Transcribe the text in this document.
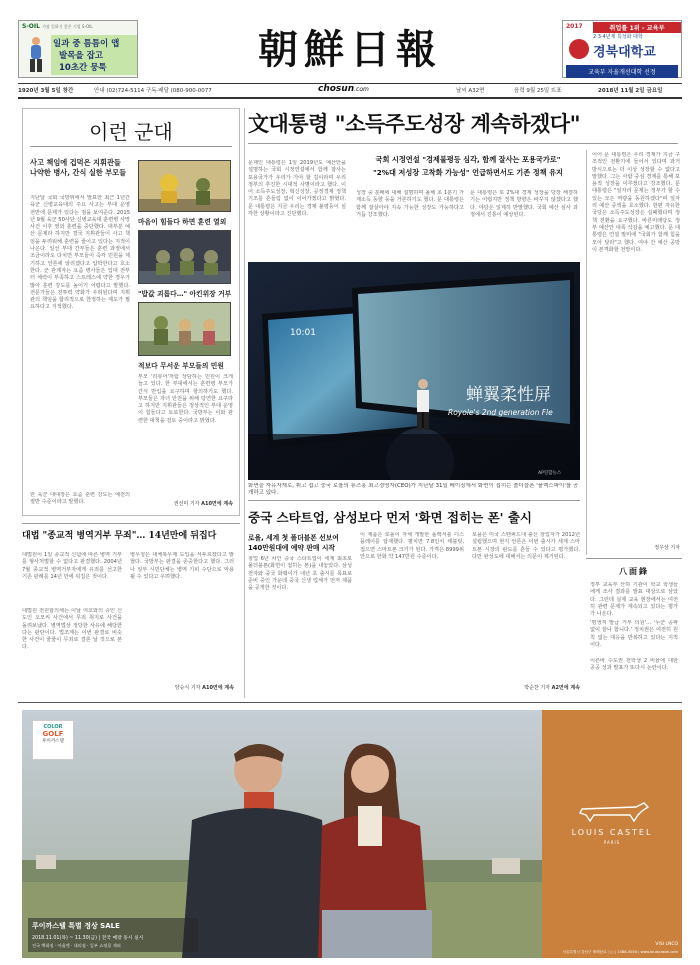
S-OIL 가장 일하기 좋은 기업 S-OIL
일과 중 틈틈이 앱
발목을 잡고
10초간 뭉툭	朝鮮日報	취업률 1위 - 교육부
2017
2·3·4년제 특성화 대학
경북대학교
교육부 자율개선대학 선정
1920년 3월 5일 창간	안내 (02)724-5114 구독·배달 (080-900-0077	chosun.com	날씨 A32면	음력 9월 25일 뜨표	2018년 11월 2일 금요일
이런 군대
사고 책임에 겁먹은 지휘관들 나약한 병사, 간식 실한 부모들
지난달 국회 국방위에서 발표한 최근 1년간 육군 신병교육대의 주요 사고는 부대 운영 전반에 문제가 있다는 점을 보여준다. 2015년 9월 육군 50사단 신병교육대 훈련병 사망 사건 이후 영외 훈련을 중단했다. 대부분 예산 문제라 하지만 결국 지휘관들이 사고 책임을 두려워해 훈련을 줄이고 있다는 지적이 나온다. 일선 부대 간부들은 훈련 과정에서 조금이라도 다치면 부모들이 즉각 민원을 제기하고 언론에 알리겠다고 압박한다고 호소한다. 군 관계자는 요즘 병사들은 입대 전부터 체력이 부족하고 스트레스에 약한 경우가 많아 훈련 강도를 높이기 어렵다고 말했다. 전문가들은 전투력 약화가 우려된다며 지휘관의 책임을 합리적으로 한정하는 제도가 필요하다고 지적했다.
한 육군 대대장은 요즘 훈련 강도는 예전의 절반 수준이라고 말했다.
마음이 힘들다 하면 훈련 열외
"밥값 괴롭다…" 아킨위장 거부
적보다 무서운 부모들의 민원
부모 '리뷰어'처럼 상담하는 민원이 크게 늘고 있다. 한 부대에서는 훈련병 부모가 간식 반입을 요구하며 항의하기도 했다. 부모들은 자녀 안전을 위해 당연한 요구라고 하지만 지휘관들은 정상적인 부대 운영이 힘들다고 토로한다. 국방부는 이와 관련한 대책을 검토 중이라고 밝혔다.
권선미 기자 A10면에 계속
文대통령 "소득주도성장 계속하겠다"
문재인 대통령은 1일 2019년도 예산안을 설명하는 국회 시정연설에서 함께 잘사는 포용국가가 우리가 가야 할 길이라며 우리 정부의 추진한 시대적 사명이라고 했다. 이어 소득주도성장, 혁신성장, 공정경제 정책 기조를 흔들림 없이 이어가겠다고 밝혔다. 문 대통령은 지금 우리는 경제 불평등이 심각한 상황이라고 진단했다.
국회 시정연설 "경제불평등 심각, 함께 잘사는 포용국가로"
"2%대 저성장 고착화 가능성" 언급하면서도 기존 정책 유지
성장 중 분배에 대해 설명하며 올해 초 1분기 가계소득 동향 등을 거론하기도 했다. 문 대통령은 함께 잘살아야 지속 가능한 성장도 가능하다고 거듭 강조했다.
문 대통령은 또 2%대 경제 성장을 당장 해결하기는 어렵지만 정책 방향은 바꾸지 않겠다고 했다. 야당은 일제히 반발했다. 국회 예산 심사 과정에서 진통이 예상된다.
이어 문 대통령은 우리 경제가 지금 구조적인 전환기에 들어서 있다며 과거 방식으로는 더 이상 성장할 수 없다고 말했다. 그는 사람 중심 경제를 통해 포용적 성장을 이루겠다고 강조했다. 문 대통령은 "일자리 문제는 정부가 할 수 있는 모든 역량을 동원하겠다"며 일자리 예산 증액을 호소했다. 한편 자유한국당은 소득주도성장은 실패했다며 정책 전환을 요구했다. 바른미래당도 정부 예산안 대폭 삭감을 예고했다. 문 대통령은 연설 말미에 "국회가 함께 힘을 모아 달라"고 했다. 여야 간 예산 공방이 본격화할 전망이다.
정우상 기자
10:01
蝉翼柔性屏
Royole's 2nd generation Fle
AP연합뉴스
화면을 자유자재로, 휘고 접고 중국 로욜의 류즈훙 최고경영자(CEO)가 지난달 31일 베이징에서 화면이 접히는 폴더블폰 '플렉스파이'를 공개하고 있다.
중국 스타트업, 삼성보다 먼저 '화면 접히는 폰' 출시
로욜, 세계 첫 폴더블폰 선보여
140만원대에 예약 판매 시작
창업 6년 차인 중국 스타트업이 세계 최초로 폴더블폰(화면이 접히는 폰)을 내놓았다. 삼성전자와 중국 화웨이가 내년 초 출시를 목표로 준비 중인 가운데 중국 신생 업체가 먼저 제품을 공개한 것이다.
이 제품은 로욜이 자체 개발한 플렉서블 디스플레이를 탑재했다. 펼치면 7.8인치 태블릿, 접으면 스마트폰 크기가 된다. 가격은 8999위안으로 한화 약 147만원 수준이다.
로욜은 미국 스탠퍼드대 출신 창업자가 2012년 설립했으며 현지 언론은 이번 출시가 세계 스마트폰 시장의 판도를 흔들 수 있다고 평가했다. 다만 완성도에 대해서는 의문이 제기된다.
박순찬 기자 A2면에 계속
八面鋒
정부 교육부 산하 기관이 학교 학생들에게 조사 결과를 발표 대상으로 삼았다. 그런데 실제 교육 현장에서는 여전히 관련 문제가 계속되고 있다는 평가가 나온다.
'평생직 발급 거부 의원'… '누군 공짜 없이 끝나 합니다.' 정치권은 여전히 원칙 없는 대응을 반복하고 있다는 지적이다.
이른바 수도권 전학생 2 비율에 대한 공공 성과 발표가 또다시 논란이다.
대법 "종교적 병역거부 무죄"… 14년만에 뒤집다
대법원이 1일 종교적 신념에 따른 병역 거부를 형사처벌할 수 없다고 판결했다. 2004년 7월 종교적 병역거부자에게 유죄를 선고한 기존 판례를 14년 만에 뒤집은 것이다.
대법원 전원합의체는 이날 여호와의 증인 신도인 오모씨 사건에서 무죄 취지로 사건을 돌려보냈다. 병역법상 정당한 사유에 해당한다는 판단이다. 법조계는 이번 판결로 비슷한 사건이 줄줄이 무죄로 결론 날 것으로 본다.
병무청은 대체복무제 도입을 서두르겠다고 밝혔다. 국방부는 판결을 존중한다고 했다. 그러나 일부 시민단체는 병역 기피 수단으로 악용될 수 있다고 우려했다.
양승식 기자 A10면에 계속
LOUIS CASTEL
PARIS
VISI LNCO
서울특별시 강남구 테헤란로 ○○ | 1588-0000 | www.louiscastel.com
COLOR
GOLF
루이까스텔
루이까스텔 특별 정상 SALE
2018.11.01(목) ~ 11.30(금) | 전국 매장 동시 실시
전국 백화점 · 아울렛 · 대리점 · 일부 쇼핑몰 제외
